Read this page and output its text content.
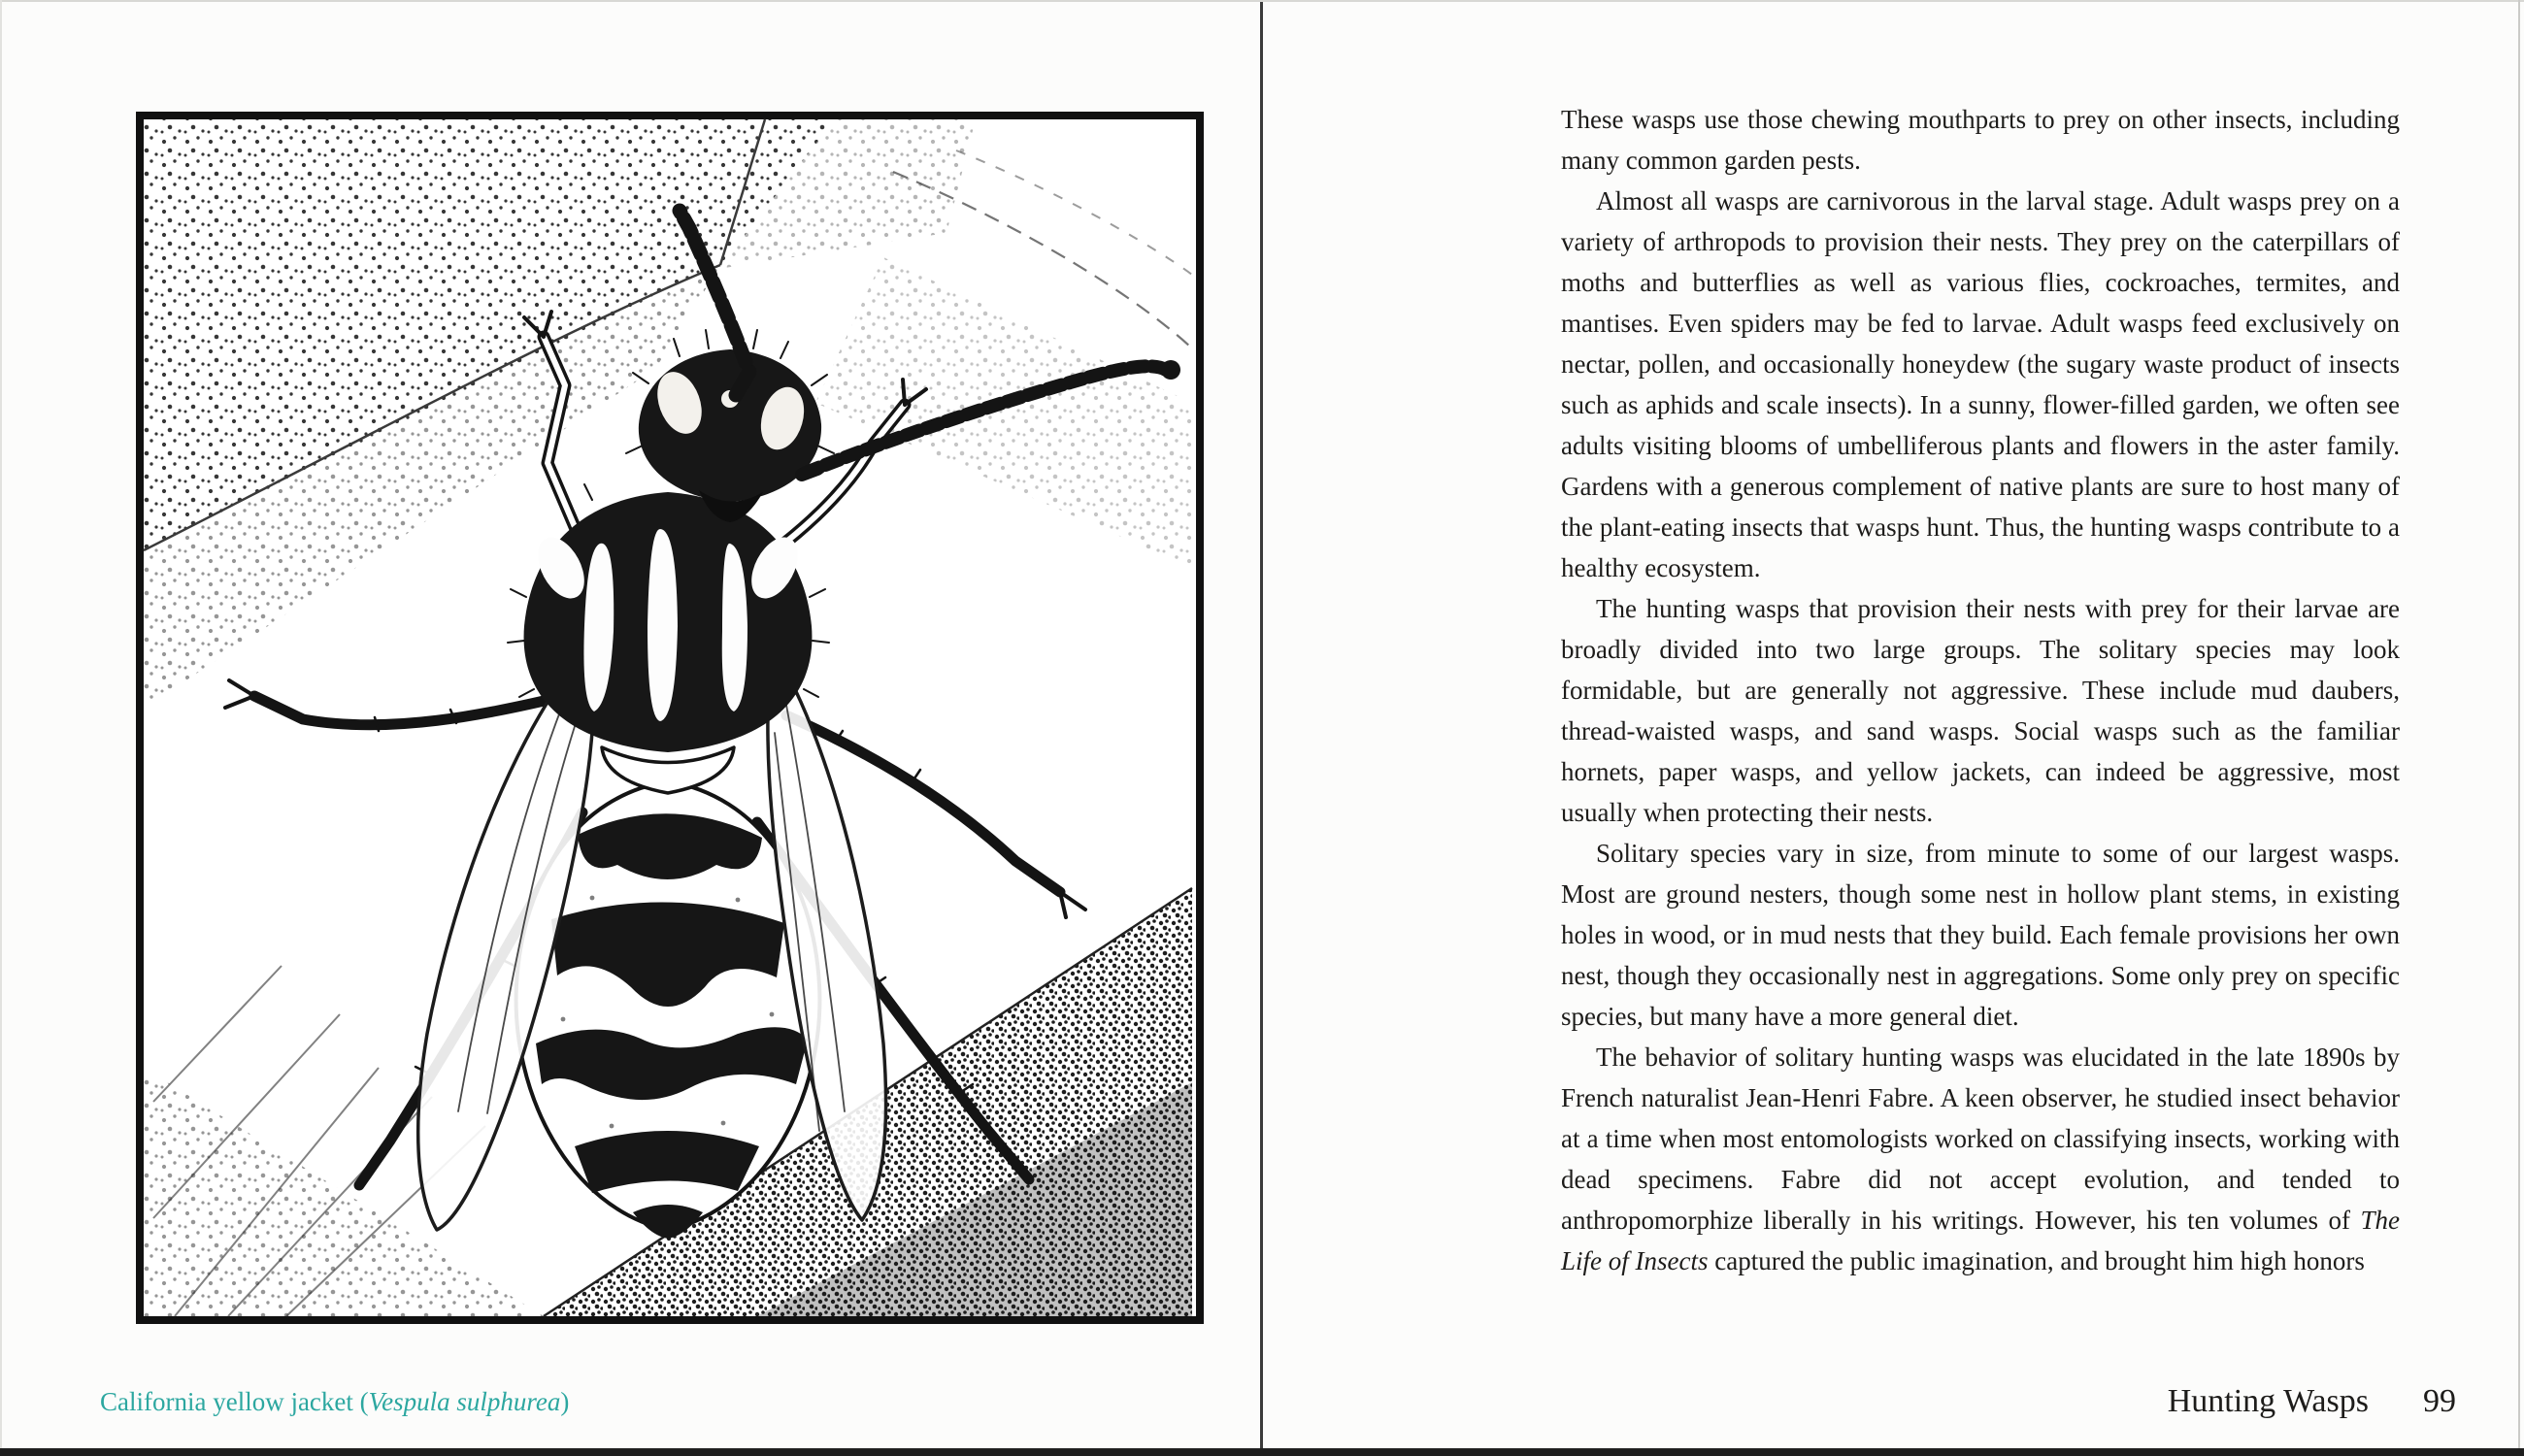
California yellow jacket (Vespula sulphurea)

These wasps use those chewing mouthparts to prey on other insects, including many common garden pests.

Almost all wasps are carnivorous in the larval stage. Adult wasps prey on a variety of arthropods to provision their nests. They prey on the caterpillars of moths and butterflies as well as various flies, cockroaches, termites, and mantises. Even spiders may be fed to larvae. Adult wasps feed exclusively on nectar, pollen, and occasionally honeydew (the sugary waste product of insects such as aphids and scale insects). In a sunny, flower-filled garden, we often see adults visiting blooms of umbelliferous plants and flowers in the aster family. Gardens with a generous complement of native plants are sure to host many of the plant-eating insects that wasps hunt. Thus, the hunting wasps contribute to a healthy ecosystem.

The hunting wasps that provision their nests with prey for their larvae are broadly divided into two large groups. The solitary species may look formidable, but are generally not aggressive. These include mud daubers, thread-waisted wasps, and sand wasps. Social wasps such as the familiar hornets, paper wasps, and yellow jackets, can indeed be aggressive, most usually when protecting their nests.

Solitary species vary in size, from minute to some of our largest wasps. Most are ground nesters, though some nest in hollow plant stems, in existing holes in wood, or in mud nests that they build. Each female provisions her own nest, though they occasionally nest in aggregations. Some only prey on specific species, but many have a more general diet.

The behavior of solitary hunting wasps was elucidated in the late 1890s by French naturalist Jean-Henri Fabre. A keen observer, he studied insect behavior at a time when most entomologists worked on classifying insects, working with dead specimens. Fabre did not accept evolution, and tended to anthropomorphize liberally in his writings. However, his ten volumes of The Life of Insects captured the public imagination, and brought him high honors

Hunting Wasps 99
